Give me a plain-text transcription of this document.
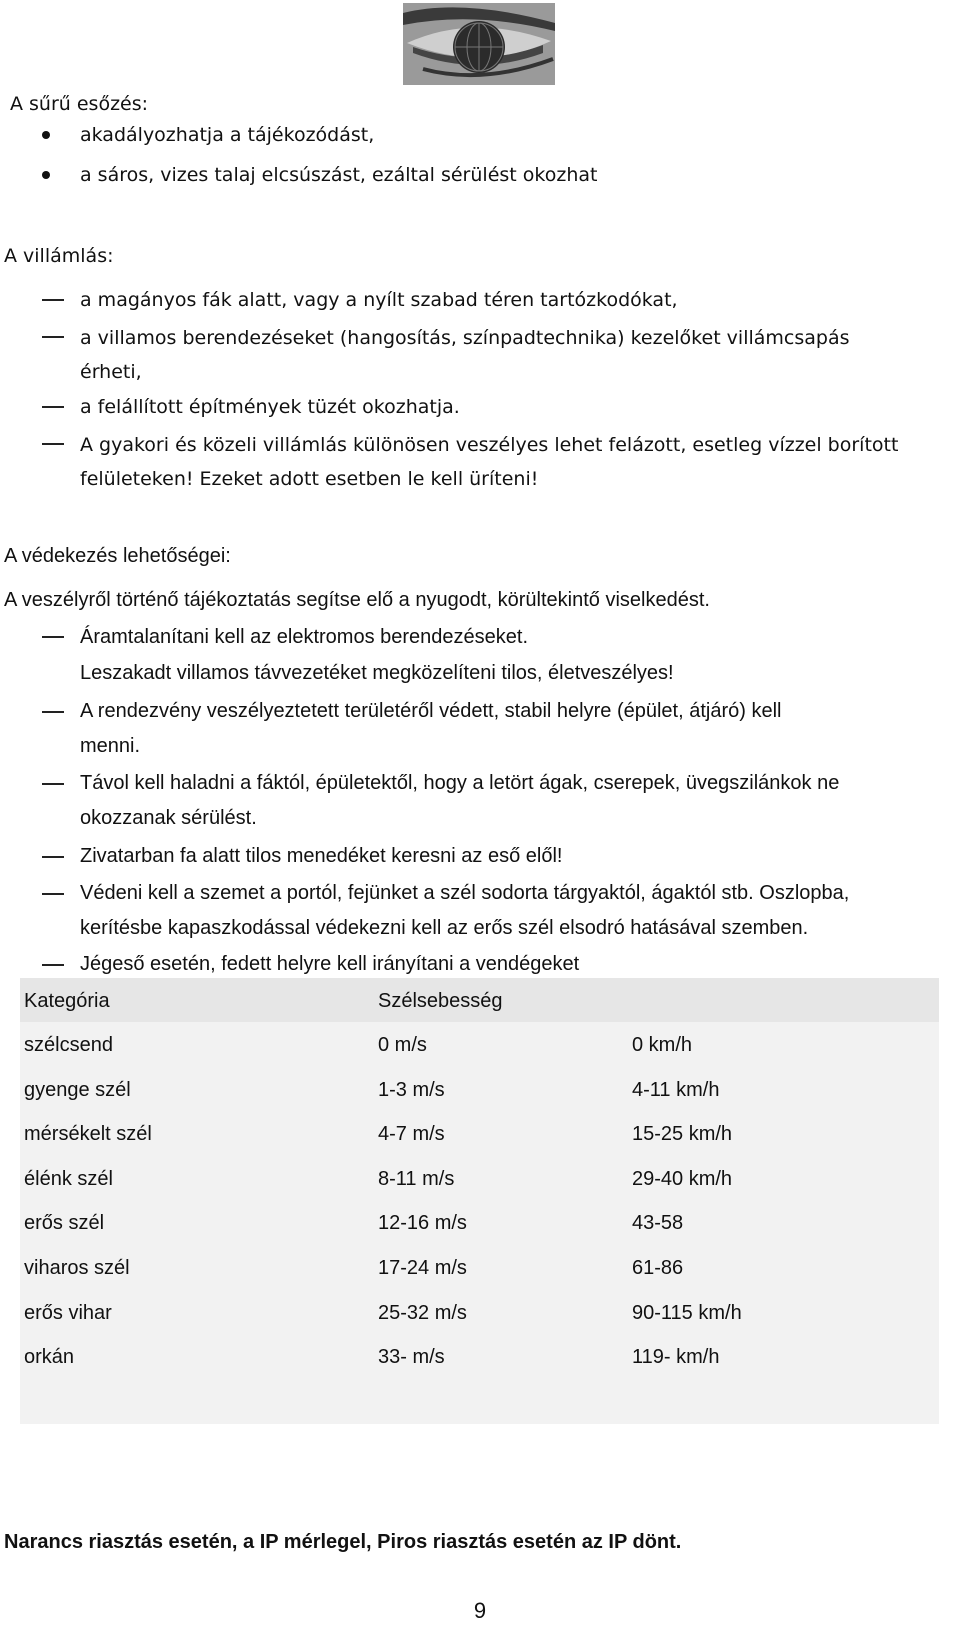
A sűrű esőzés:
akadályozhatja a tájékozódást,
a sáros, vizes talaj elcsúszást, ezáltal sérülést okozhat
A villámlás:
a magányos fák alatt, vagy a nyílt szabad téren tartózkodókat,
a villamos berendezéseket (hangosítás, színpadtechnika) kezelőket villámcsapás
érheti,
a felállított építmények tüzét okozhatja.
A gyakori és közeli villámlás különösen veszélyes lehet felázott, esetleg vízzel borított
felületeken! Ezeket adott esetben le kell üríteni!
A védekezés lehetőségei:
A veszélyről történő tájékoztatás segítse elő a nyugodt, körültekintő viselkedést.
Áramtalanítani kell az elektromos berendezéseket.
Leszakadt villamos távvezetéket megközelíteni tilos, életveszélyes!
A rendezvény veszélyeztetett területéről védett, stabil helyre (épület, átjáró) kell
menni.
Távol kell haladni a fáktól, épületektől, hogy a letört ágak, cserepek, üvegszilánkok ne
okozzanak sérülést.
Zivatarban fa alatt tilos menedéket keresni az eső elől!
Védeni kell a szemet a portól, fejünket a szél sodorta tárgyaktól, ágaktól stb. Oszlopba,
kerítésbe kapaszkodással védekezni kell az erős szél elsodró hatásával szemben.
Jégeső esetén, fedett helyre kell irányítani a vendégeket
Kategória	Szélsebesség
szélcsend	0 m/s	0 km/h
gyenge szél	1-3 m/s	4-11 km/h
mérsékelt szél	4-7 m/s	15-25 km/h
élénk szél	8-11 m/s	29-40 km/h
erős szél	12-16 m/s	43-58
viharos szél	17-24 m/s	61-86
erős vihar	25-32 m/s	90-115 km/h
orkán	33- m/s	119- km/h
Narancs riasztás esetén, a IP mérlegel, Piros riasztás esetén az IP dönt.
9
